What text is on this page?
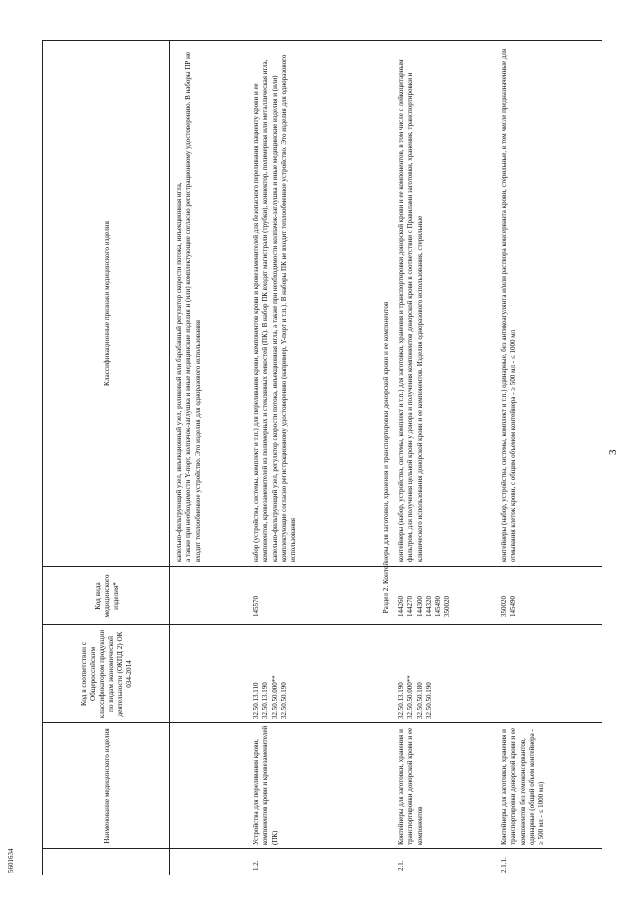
3
5601634
Наименование медицинского изделия
Код в соответствии с Общероссийским классификатором продукции по видам экономической деятельности (ОКПД 2) ОК 034-2014
Код вида медицинского изделия*
Классификационные признаки медицинского изделия
капельно-фильтрующий узел, инъекционный узел, роликовый или барабанный регулятор скорости потока, инъекционная игла,
а также при необходимости Y-порт, колпачок-заглушка и иные медицинские изделия и (или) комплектующие согласно регистрационному удостоверению. В наборы ПР не входит теплообменное устройство. Это изделия для одноразового использования
1.2.
Устройства для переливания крови, компонентов крови и кровезаменителей (ПК)
32.50.13.110
32.50.13.190
32.50.50.000**
32.50.50.190
145570
набор (устройства, системы, комплект и т.п.) для переливания крови, компонентов крови и кровезаменителей для безопасного переливания пациенту крови и ее компонентов, кровезаменителей из полимерных и стеклянных емкостей (ПК). В набор ПК входят магистрали (трубки), коннектор, полимерная или металлическая игла, капельно-фильтрующий узел, регулятор скорости потока, инъекционная игла, а также при необходимости колпачок-заглушка и иные медицинские изделия и (или) комплектующие согласно регистрационному удостоверению (например, Y-порт и т.п.). В наборы ПК не входит теплообменное устройство. Это изделия для одноразового использования	Раздел 2. Контейнеры для заготовки, хранения и транспортировки донорской крови и ее компонентов
2.1.
Контейнеры для заготовки, хранения и транспортировки донорской крови и ее компонентов
32.50.13.190
32.50.50.000**
32.50.50.180
32.50.50.190
144260
144270
144300
144320
145490
350020
контейнеры (набор, устройства, системы, комплект и т.п.) для заготовки, хранения и транспортировки донорской крови и ее компонентов, в том числе с лейкоцитарным фильтром, для получения цельной крови у донора и получения компонентов донорской крови в соответствии с Правилами заготовки, хранения, транспортировки и клинического использования донорской крови и ее компонентов. Изделия одноразового использования, стерильные
2.1.1.
Контейнеры для заготовки, хранения и транспортировки донорской крови и ее компонентов без гемоконсервантов, одинарные (общий объем контейнера - ≥ 500 мл - ≤ 1000 мл)
350020
145490
контейнеры (набор, устройства, системы, комплект и т.п.) одинарные, без антикоагулянта и/или раствора консерванта крови, стерильные, в том числе предназначенные для отмывания клеток крови, с общим объемом контейнера - ≥ 500 мл - ≤ 1000 мл
